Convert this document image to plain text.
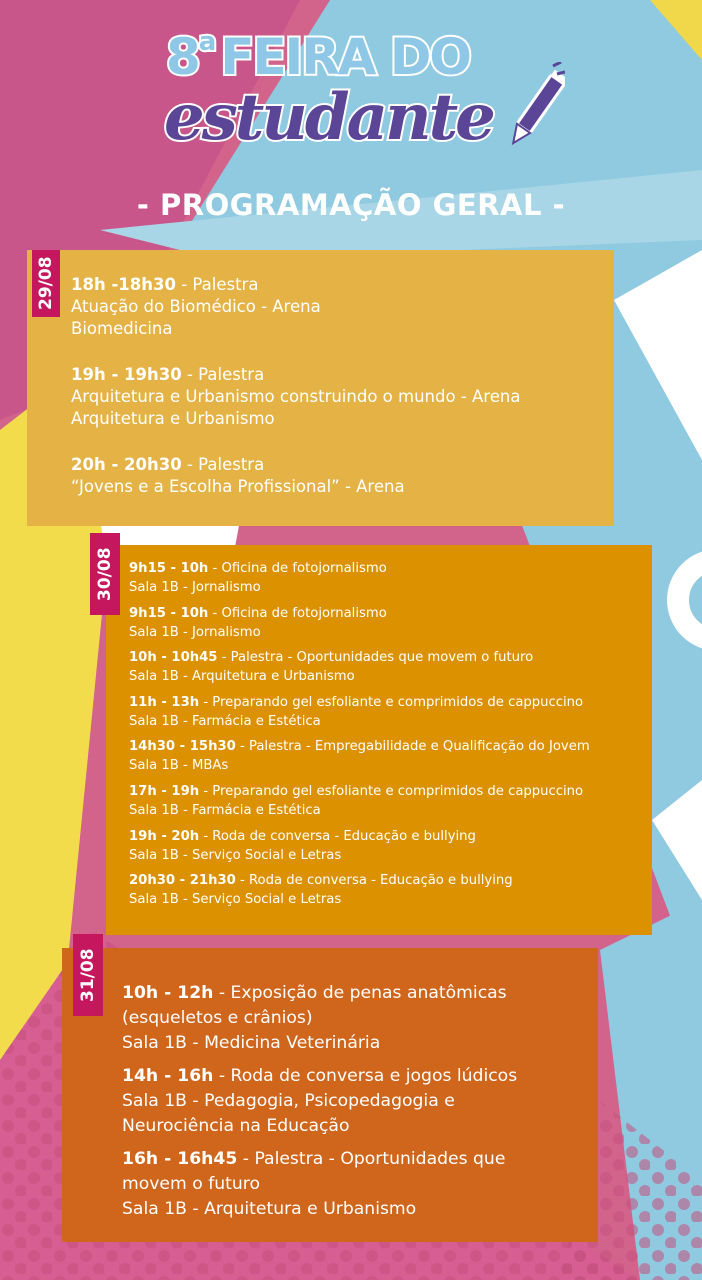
8$^a$ FEIRA DO
estudante
- PROGRAMAÇÃO GERAL -
29/08 18h -18h30 - Palestra
Atuação do Biomédico - Arena
Biomedicina
19h - 19h30 - Palestra
Arquitetura e Urbanismo construindo o mundo - Arena
Arquitetura e Urbanismo
20h - 20h30 - Palestra
“Jovens e a Escolha Profissional” - Arena
30/08	9h15 - 10h - Oficina de fotojornalismo
Sala 1B - Jornalismo
9h15 - 10h - Oficina de fotojornalismo
Sala 1B - Jornalismo
10h - 10h45 - Palestra - Oportunidades que movem o futuro
Sala 1B - Arquitetura e Urbanismo
11h - 13h - Preparando gel esfoliante e comprimidos de cappuccino
Sala 1B - Farmácia e Estética
14h30 - 15h30 - Palestra - Empregabilidade e Qualificação do Jovem
Sala 1B - MBAs
17h - 19h - Preparando gel esfoliante e comprimidos de cappuccino
Sala 1B - Farmácia e Estética
19h - 20h - Roda de conversa - Educação e bullying
Sala 1B - Serviço Social e Letras
20h30 - 21h30 - Roda de conversa - Educação e bullying
Sala 1B - Serviço Social e Letras
31/08 10h - 12h - Exposição de penas anatômicas
(esqueletos e crânios)
Sala 1B - Medicina Veterinária
14h - 16h - Roda de conversa e jogos lúdicos
Sala 1B - Pedagogia, Psicopedagogia e
Neurociência na Educação
16h - 16h45 - Palestra - Oportunidades que
movem o futuro
Sala 1B - Arquitetura e Urbanismo
